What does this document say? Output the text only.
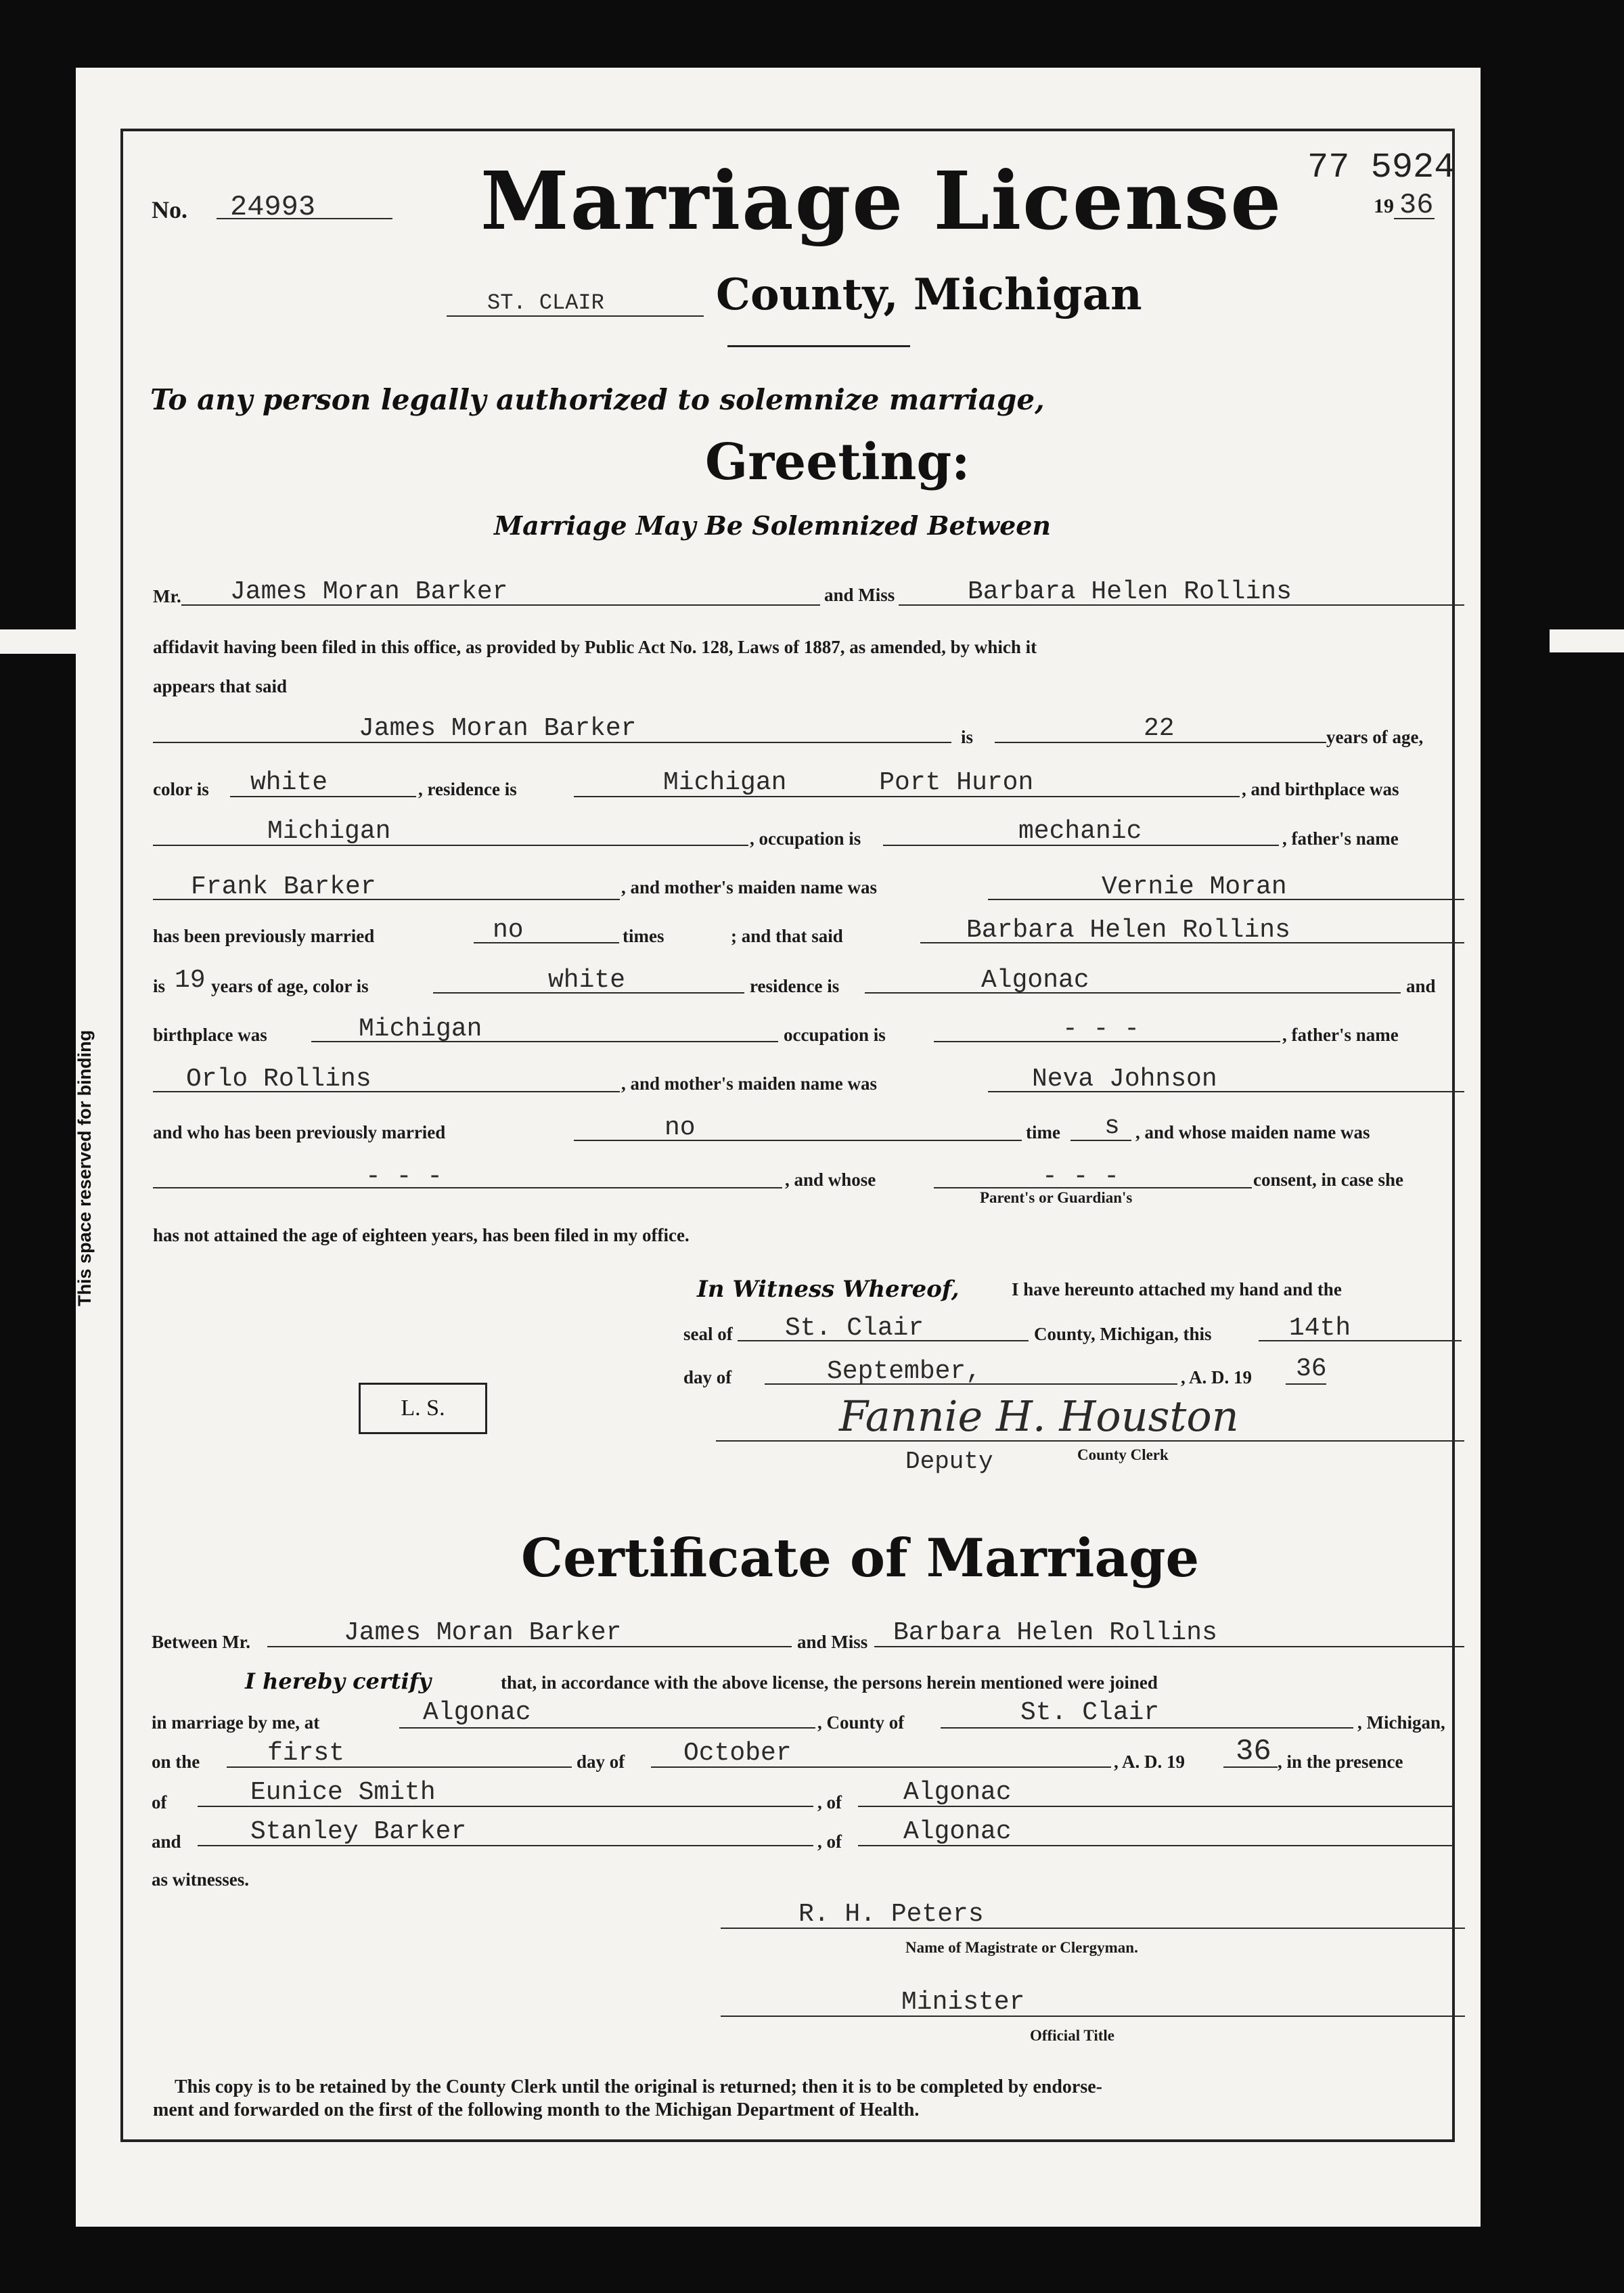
This space reserved for binding
No. 24993 Marriage License 77 5924
19 36
ST. CLAIR	County, Michigan
To any person legally authorized to solemnize marriage,
Greeting:
Marriage May Be Solemnized Between
Mr. James Moran Barker	and Miss	Barbara Helen Rollins
affidavit having been filed in this office, as provided by Public Act No. 128, Laws of 1887, as amended, by which it
appears that said
James Moran Barker	is	22	years of age,
color is white	, residence is	Michigan      Port Huron	, and birthplace was
Michigan	, occupation is	mechanic	, father's name
Frank Barker	, and mother's maiden name was	Vernie Moran
has been previously married	no	times	; and that said	Barbara Helen Rollins
is 19 years of age, color is	white	residence is	Algonac	and
birthplace was	Michigan	occupation is	- - -	, father's name
Orlo Rollins	, and mother's maiden name was	Neva Johnson
and who has been previously married	no	time s , and whose maiden name was
- - -	, and whose	- - -	consent, in case she
Parent's or Guardian's
has not attained the age of eighteen years, has been filed in my office.
In Witness Whereof,	I have hereunto attached my hand and the
seal of St. Clair	County, Michigan, this	14th
day of	September,	, A. D. 19 36
L. S.	Fannie H. Houston
Deputy	County Clerk
Certificate of Marriage
Between Mr.	James Moran Barker	and Miss Barbara Helen Rollins
I hereby certify	that, in accordance with the above license, the persons herein mentioned were joined
in marriage by me, at	Algonac	, County of	St. Clair	, Michigan,
on the	first	day of October	, A. D. 19 36 , in the presence
of	Eunice Smith	, of Algonac
and	Stanley Barker	, of Algonac
as witnesses.
R. H. Peters
Name of Magistrate or Clergyman.
Minister
Official Title
This copy is to be retained by the County Clerk until the original is returned; then it is to be completed by endorse-
ment and forwarded on the first of the following month to the Michigan Department of Health.
